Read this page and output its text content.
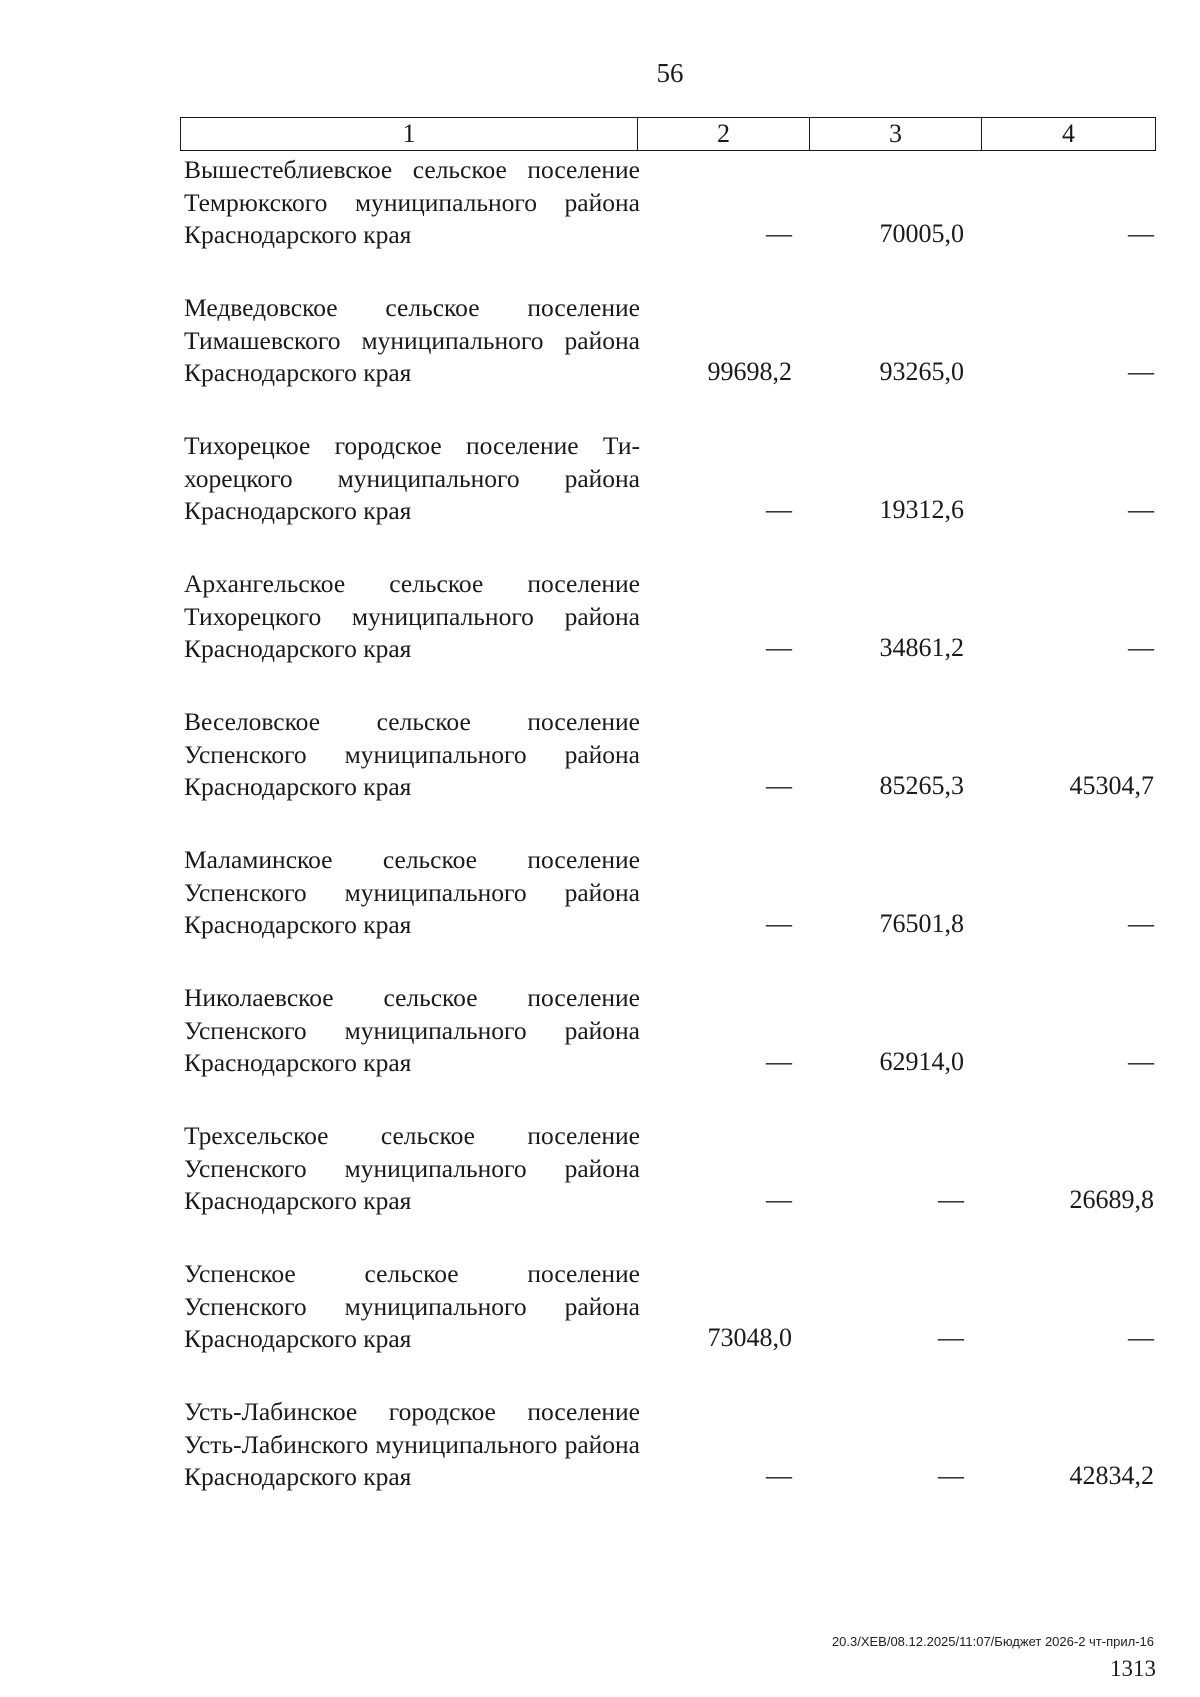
56
1	2	3	4
Вышестеблиевское сельское поселение Темрюкского муниципального района Краснодарского края	—	70005,0	—
Медведовское сельское поселение Тимашевского муниципального района Краснодарского края	99698,2	93265,0	—
Тихорецкое городское поселение Тихорецкого муниципального района Краснодарского края	—	19312,6	—
Архангельское сельское поселение Тихорецкого муниципального района Краснодарского края	—	34861,2	—
Веселовское сельское поселение Успенского муниципального района Краснодарского края	—	85265,3	45304,7
Маламинское сельское поселение Успенского муниципального района Краснодарского края	—	76501,8	—
Николаевское сельское поселение Успенского муниципального района Краснодарского края	—	62914,0	—
Трехсельское сельское поселение Успенского муниципального района Краснодарского края	—	—	26689,8
Успенское сельское поселение Успенского муниципального района Краснодарского края	73048,0	—	—
Усть-Лабинское городское поселение Усть-Лабинского муниципального района Краснодарского края	—	—	42834,2
20.3/ХЕВ/08.12.2025/11:07/Бюджет 2026-2 чт-прил-16
1313
